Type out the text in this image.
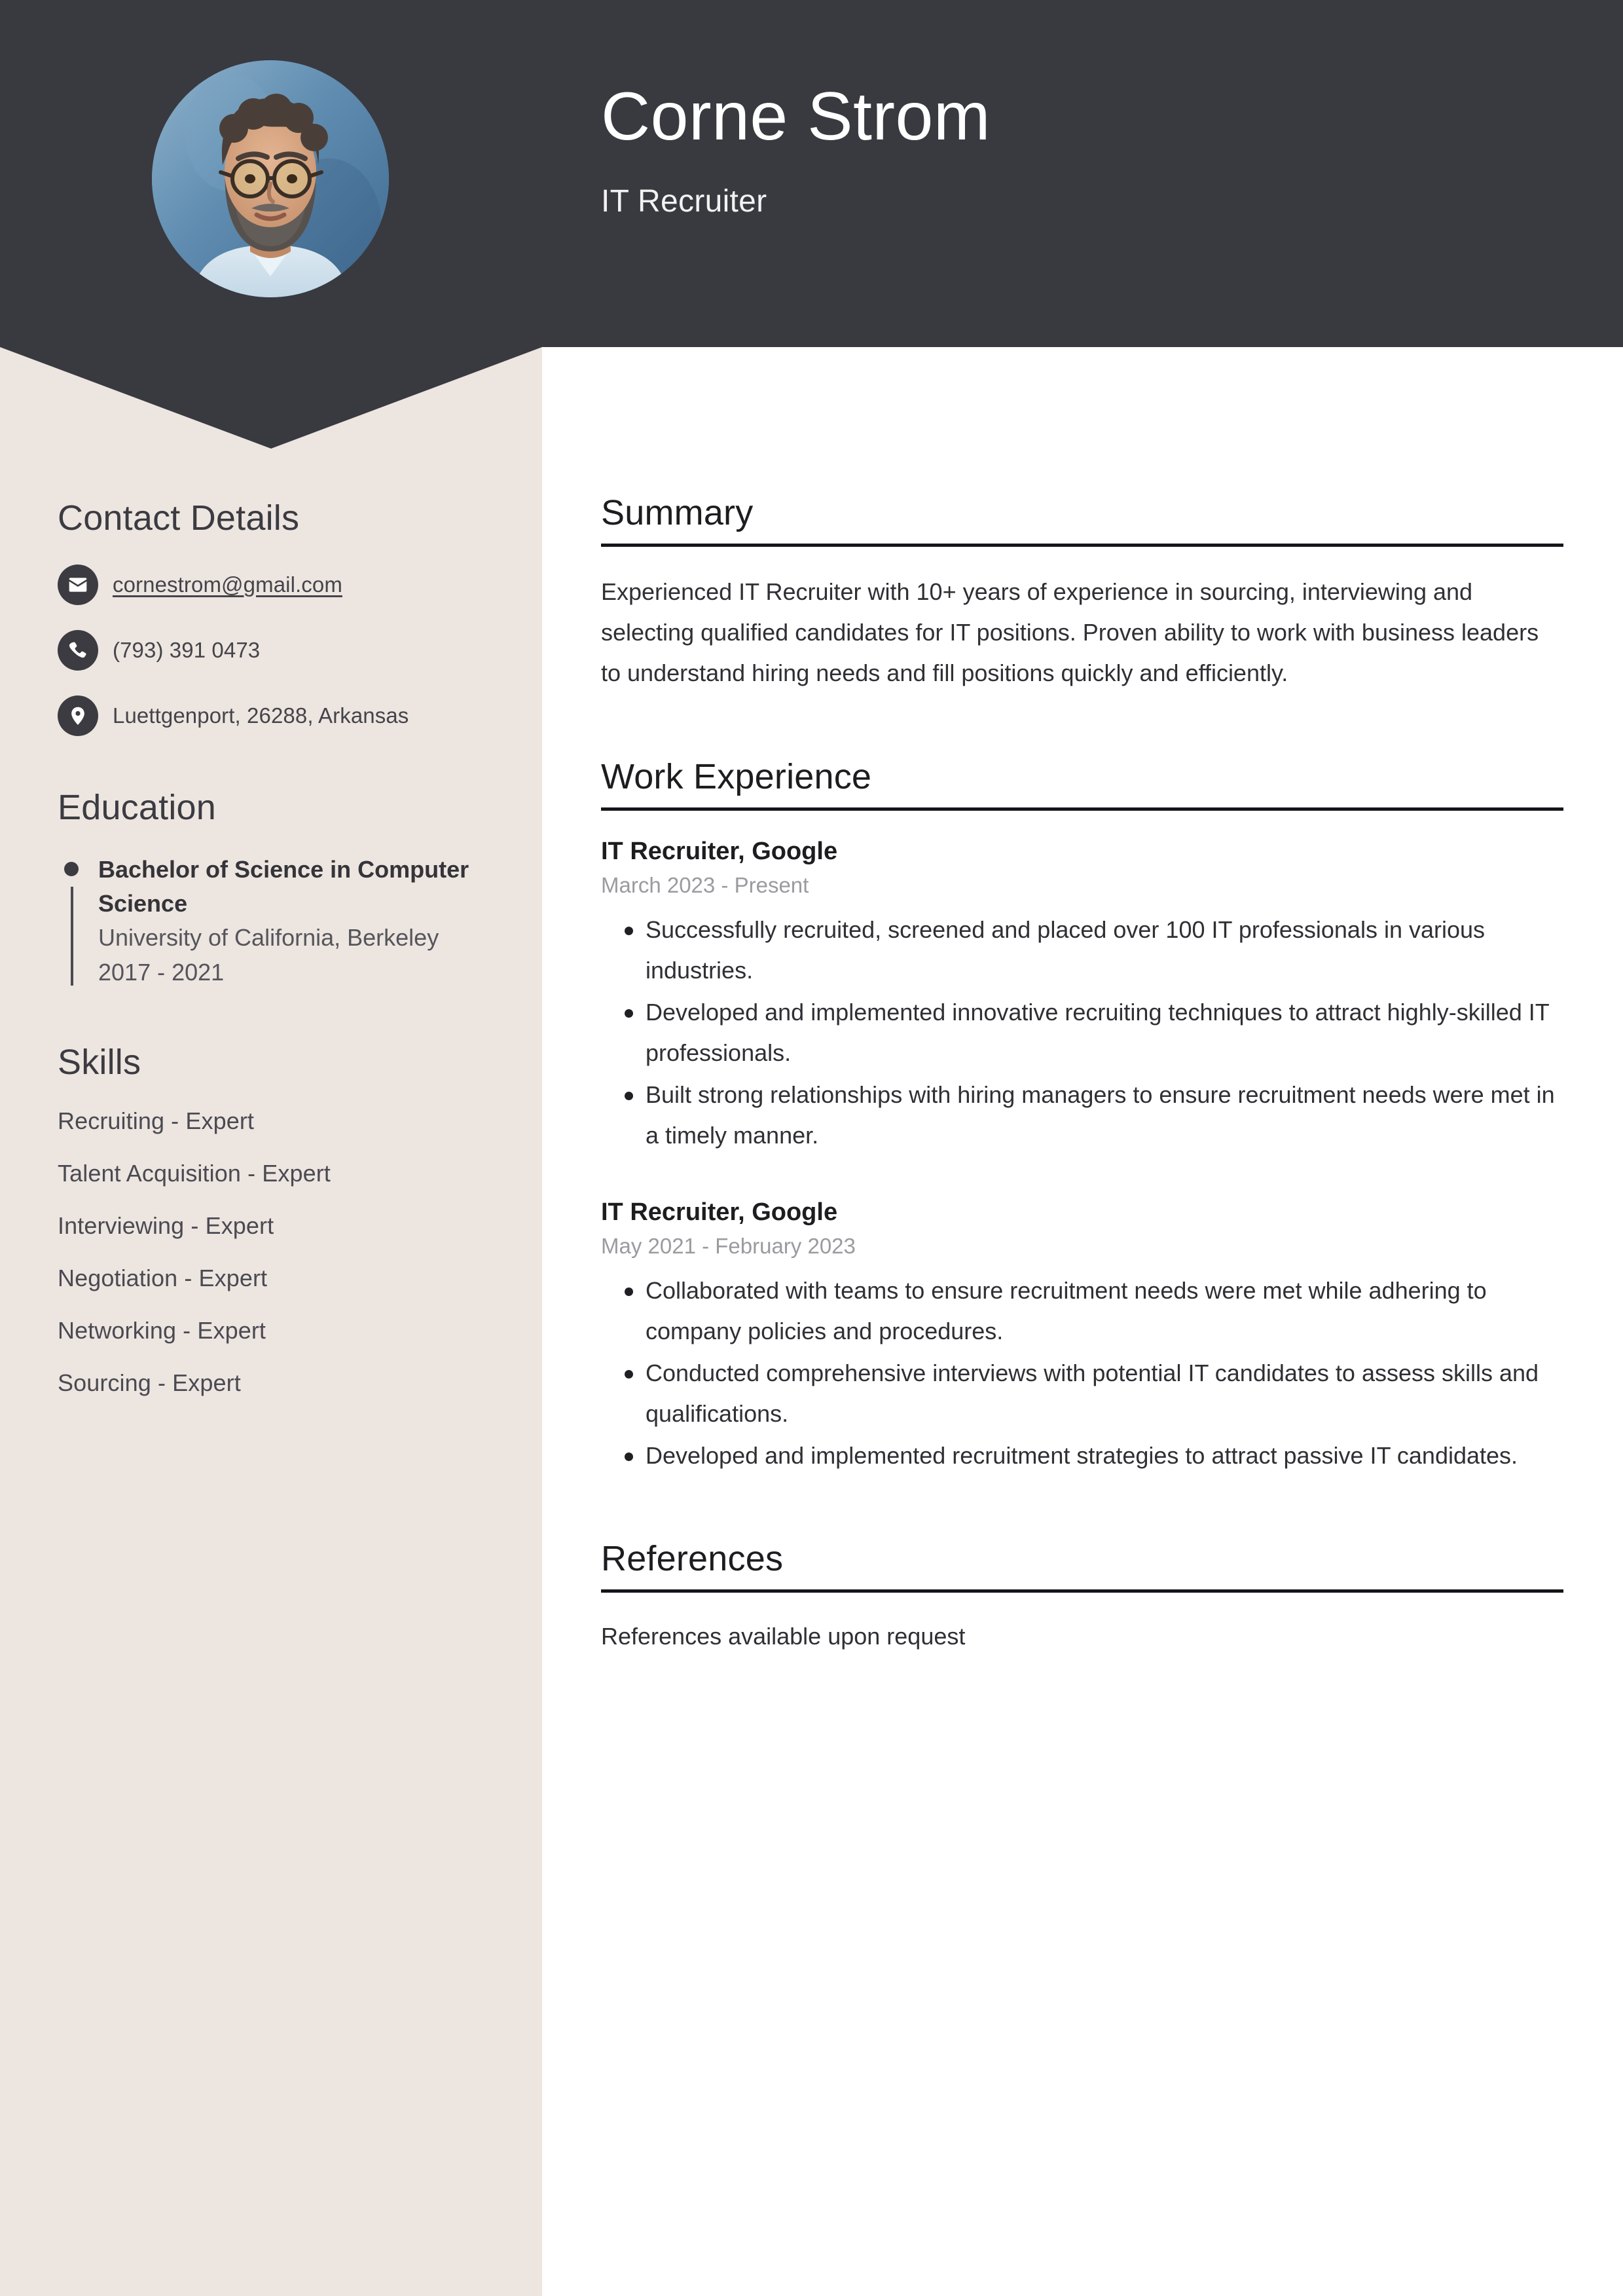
Corne Strom
IT Recruiter
Contact Details
cornestrom@gmail.com
(793) 391 0473
Luettgenport, 26288, Arkansas
Education
Bachelor of Science in Computer Science
University of California, Berkeley
2017 - 2021
Skills
Recruiting - Expert
Talent Acquisition - Expert
Interviewing - Expert
Negotiation - Expert
Networking - Expert
Sourcing - Expert
Summary
Experienced IT Recruiter with 10+ years of experience in sourcing, interviewing and selecting qualified candidates for IT positions. Proven ability to work with business leaders to understand hiring needs and fill positions quickly and efficiently.
Work Experience
IT Recruiter, Google
March 2023 - Present
Successfully recruited, screened and placed over 100 IT professionals in various industries.
Developed and implemented innovative recruiting techniques to attract highly-skilled IT professionals.
Built strong relationships with hiring managers to ensure recruitment needs were met in a timely manner.
IT Recruiter, Google
May 2021 - February 2023
Collaborated with teams to ensure recruitment needs were met while adhering to company policies and procedures.
Conducted comprehensive interviews with potential IT candidates to assess skills and qualifications.
Developed and implemented recruitment strategies to attract passive IT candidates.
References
References available upon request
